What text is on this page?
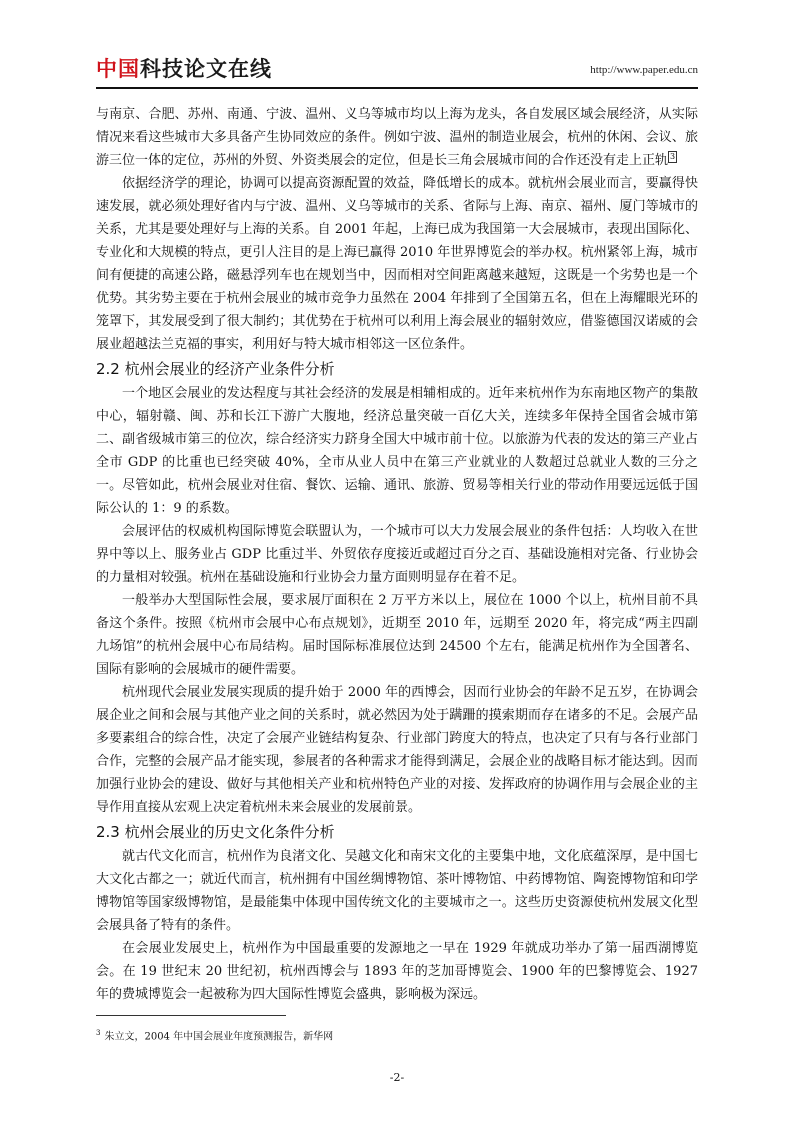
中国科技论文在线	http://www.paper.edu.cn

与南京、合肥、苏州、南通、宁波、温州、义乌等城市均以上海为龙头，各自发展区域会展经济，从实际情况来看这些城市大多具备产生协同效应的条件。例如宁波、温州的制造业展会，杭州的休闲、会议、旅游三位一体的定位，苏州的外贸、外资类展会的定位，但是长三角会展城市间的合作还没有走上正轨 3

依据经济学的理论，协调可以提高资源配置的效益，降低增长的成本。就杭州会展业而言，要赢得快速发展，就必须处理好省内与宁波、温州、义乌等城市的关系、省际与上海、南京、福州、厦门等城市的关系，尤其是要处理好与上海的关系。自 2001 年起，上海已成为我国第一大会展城市，表现出国际化、专业化和大规模的特点，更引人注目的是上海已赢得 2010 年世界博览会的举办权。杭州紧邻上海，城市间有便捷的高速公路，磁悬浮列车也在规划当中，因而相对空间距离越来越短，这既是一个劣势也是一个优势。其劣势主要在于杭州会展业的城市竞争力虽然在 2004 年排到了全国第五名，但在上海耀眼光环的笼罩下，其发展受到了很大制约；其优势在于杭州可以利用上海会展业的辐射效应，借鉴德国汉诺威的会展业超越法兰克福的事实，利用好与特大城市相邻这一区位条件。

2.2 杭州会展业的经济产业条件分析

一个地区会展业的发达程度与其社会经济的发展是相辅相成的。近年来杭州作为东南地区物产的集散中心，辐射赣、闽、苏和长江下游广大腹地，经济总量突破一百亿大关，连续多年保持全国省会城市第二、副省级城市第三的位次，综合经济实力跻身全国大中城市前十位。以旅游为代表的发达的第三产业占全市 GDP 的比重也已经突破 40%，全市从业人员中在第三产业就业的人数超过总就业人数的三分之一。尽管如此，杭州会展业对住宿、餐饮、运输、通讯、旅游、贸易等相关行业的带动作用要远远低于国际公认的 1：9 的系数。

会展评估的权威机构国际博览会联盟认为，一个城市可以大力发展会展业的条件包括：人均收入在世界中等以上、服务业占 GDP 比重过半、外贸依存度接近或超过百分之百、基础设施相对完备、行业协会的力量相对较强。杭州在基础设施和行业协会力量方面则明显存在着不足。

一般举办大型国际性会展，要求展厅面积在 2 万平方米以上，展位在 1000 个以上，杭州目前不具备这个条件。按照《杭州市会展中心布点规划》，近期至 2010 年，远期至 2020 年，将完成“两主四副九场馆”的杭州会展中心布局结构。届时国际标准展位达到 24500 个左右，能满足杭州作为全国著名、国际有影响的会展城市的硬件需要。

杭州现代会展业发展实现质的提升始于 2000 年的西博会，因而行业协会的年龄不足五岁，在协调会展企业之间和会展与其他产业之间的关系时，就必然因为处于蹒跚的摸索期而存在诸多的不足。会展产品多要素组合的综合性，决定了会展产业链结构复杂、行业部门跨度大的特点，也决定了只有与各行业部门合作，完整的会展产品才能实现，参展者的各种需求才能得到满足，会展企业的战略目标才能达到。因而加强行业协会的建设、做好与其他相关产业和杭州特色产业的对接、发挥政府的协调作用与会展企业的主导作用直接从宏观上决定着杭州未来会展业的发展前景。

2.3 杭州会展业的历史文化条件分析

就古代文化而言，杭州作为良渚文化、吴越文化和南宋文化的主要集中地，文化底蕴深厚，是中国七大文化古都之一；就近代而言，杭州拥有中国丝绸博物馆、茶叶博物馆、中药博物馆、陶瓷博物馆和印学博物馆等国家级博物馆，是最能集中体现中国传统文化的主要城市之一。这些历史资源使杭州发展文化型会展具备了特有的条件。

在会展业发展史上，杭州作为中国最重要的发源地之一早在 1929 年就成功举办了第一届西湖博览会。在 19 世纪末 20 世纪初，杭州西博会与 1893 年的芝加哥博览会、1900 年的巴黎博览会、1927 年的费城博览会一起被称为四大国际性博览会盛典，影响极为深远。

$^3$ 朱立文，2004 年中国会展业年度预测报告，新华网
-2-
